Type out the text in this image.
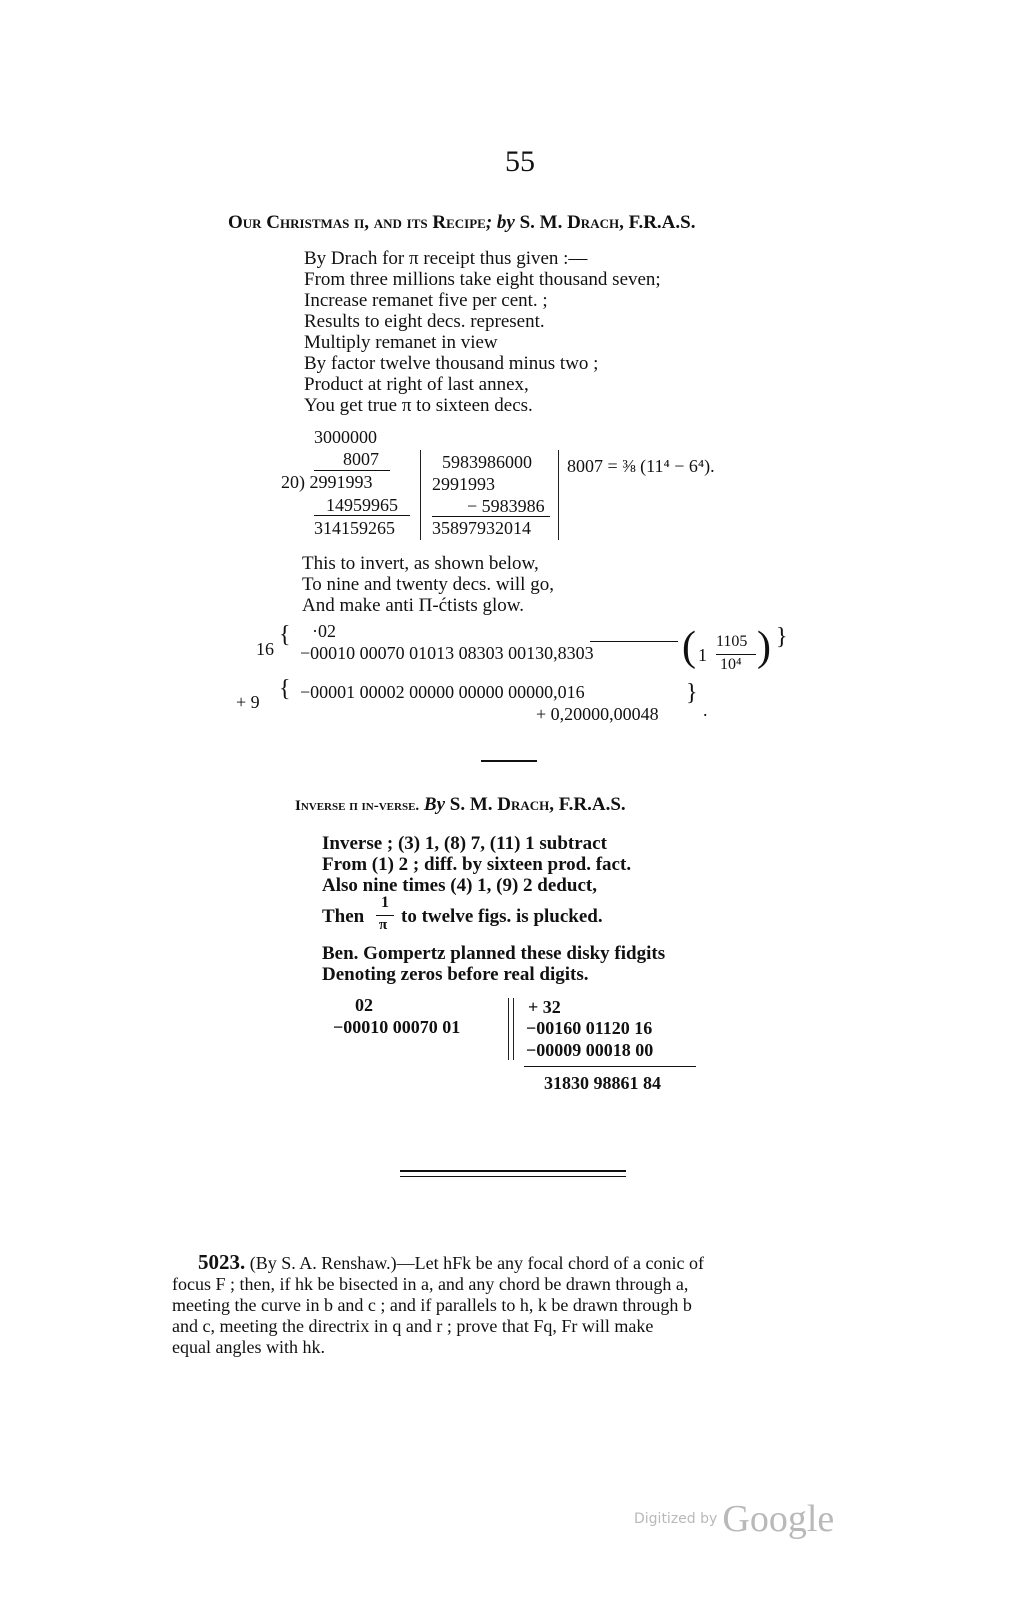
55
Our Christmas π, and its Recipe; by S. M. Drach, F.R.A.S.
By Drach for π receipt thus given :—
From three millions take eight thousand seven;
Increase remanet five per cent. ;
Results to eight decs. represent.
Multiply remanet in view
By factor twelve thousand minus two ;
Product at right of last annex,
You get true π to sixteen decs.
3000000
8007
20) 2991993
14959965
314159265
5983986000
2991993
− 5983986
35897932014
8007 = ⅜ (11⁴ − 6⁴).
This to invert, as shown below,
To nine and twenty decs. will go,
And make anti Π-ćtists glow.
16
{ ·02
−00010 00070 01013 08303 00130,8303 ( 1
1105
10⁴ ) }
+ 9 { −00001 00002 00000 00000 00000,016
+ 0,20000,00048
}
.
Inverse π in-verse. By S. M. Drach, F.R.A.S.
Inverse ; (3) 1, (8) 7, (11) 1 subtract
From (1) 2 ; diff. by sixteen prod. fact.
Also nine times (4) 1, (9) 2 deduct,
Then
1
π to twelve figs. is plucked.
Ben. Gompertz planned these disky fidgits
Denoting zeros before real digits.
02
−00010 00070 01
+ 32
−00160 01120 16
−00009 00018 00
31830 98861 84
5023. (By S. A. Renshaw.)—Let hFk be any focal chord of a conic of
focus F ; then, if hk be bisected in a, and any chord be drawn through a,
meeting the curve in b and c ; and if parallels to h, k be drawn through b
and c, meeting the directrix in q and r ; prove that Fq, Fr will make
equal angles with hk.
Digitized by Google
